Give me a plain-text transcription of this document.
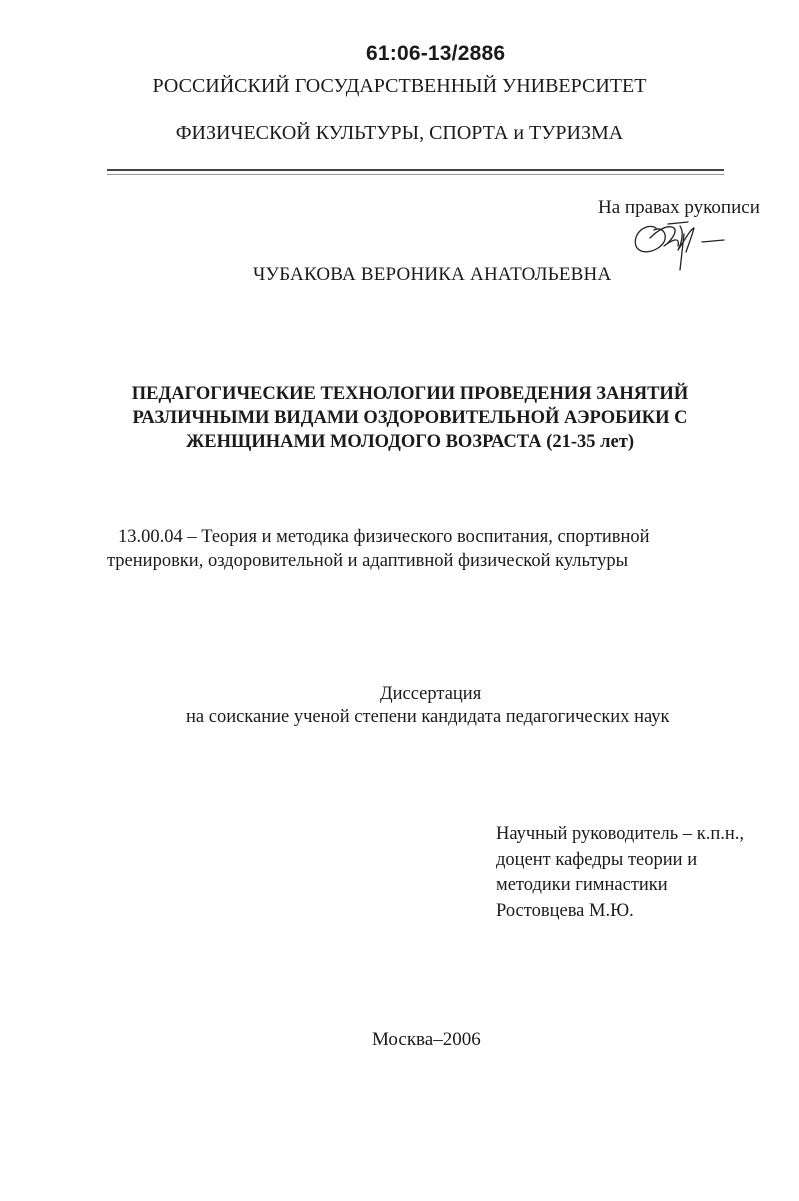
61:06-13/2886
РОССИЙСКИЙ ГОСУДАРСТВЕННЫЙ УНИВЕРСИТЕТ
ФИЗИЧЕСКОЙ КУЛЬТУРЫ, СПОРТА и ТУРИЗМА
На правах рукописи
ЧУБАКОВА ВЕРОНИКА АНАТОЛЬЕВНА
ПЕДАГОГИЧЕСКИЕ ТЕХНОЛОГИИ ПРОВЕДЕНИЯ ЗАНЯТИЙ
РАЗЛИЧНЫМИ ВИДАМИ ОЗДОРОВИТЕЛЬНОЙ АЭРОБИКИ С
ЖЕНЩИНАМИ МОЛОДОГО ВОЗРАСТА (21-35 лет)
13.00.04 – Теория и методика физического воспитания, спортивной
тренировки, оздоровительной и адаптивной физической культуры
Диссертация
на соискание ученой степени кандидата педагогических наук
Научный руководитель – к.п.н.,
доцент кафедры теории и
методики гимнастики
Ростовцева М.Ю.
Москва–2006
